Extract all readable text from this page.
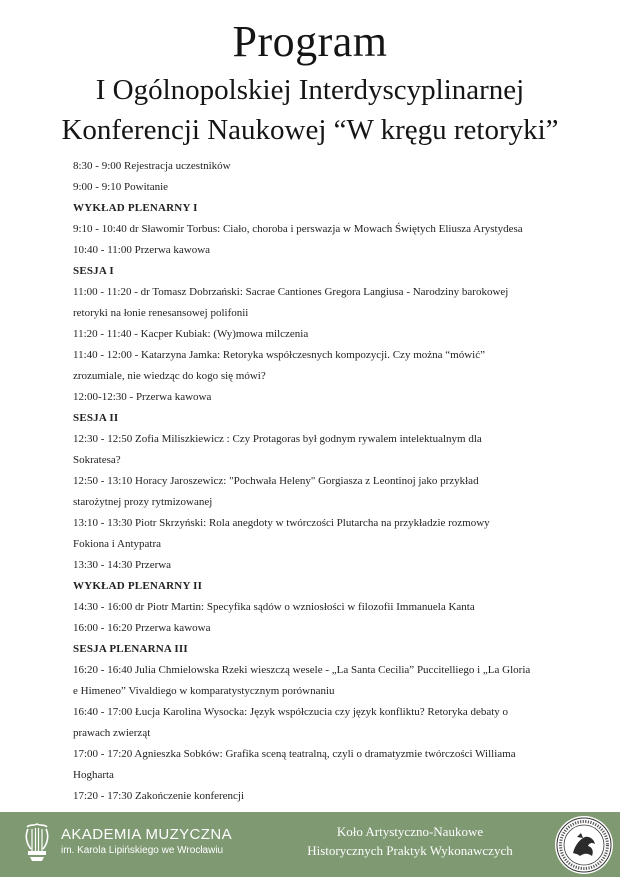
Program
I Ogólnopolskiej Interdyscyplinarnej
Konferencji Naukowej “W kręgu retoryki”
8:30 - 9:00 Rejestracja uczestników
9:00 - 9:10 Powitanie
WYKŁAD PLENARNY I
9:10 - 10:40 dr Sławomir Torbus: Ciało, choroba i perswazja w Mowach Świętych Eliusza Arystydesa
10:40 - 11:00 Przerwa kawowa
SESJA I
11:00 - 11:20 - dr Tomasz Dobrzański: Sacrae Cantiones Gregora Langiusa - Narodziny barokowej
retoryki na łonie renesansowej polifonii
11:20 - 11:40 - Kacper Kubiak: (Wy)mowa milczenia
11:40 - 12:00 - Katarzyna Jamka: Retoryka współczesnych kompozycji. Czy można “mówić”
zrozumiale, nie wiedząc do kogo się mówi?
12:00-12:30 - Przerwa kawowa
SESJA II
12:30 - 12:50 Zofia Miliszkiewicz : Czy Protagoras był godnym rywalem intelektualnym dla
Sokratesa?
12:50 - 13:10 Horacy Jaroszewicz: "Pochwała Heleny" Gorgiasza z Leontinoj jako przykład
starożytnej prozy rytmizowanej
13:10 - 13:30 Piotr Skrzyński: Rola anegdoty w twórczości Plutarcha na przykładzie rozmowy
Fokiona i Antypatra
13:30 - 14:30 Przerwa
WYKŁAD PLENARNY II
14:30 - 16:00 dr Piotr Martin: Specyfika sądów o wzniosłości w filozofii Immanuela Kanta
16:00 - 16:20 Przerwa kawowa
SESJA PLENARNA III
16:20 - 16:40 Julia Chmielowska Rzeki wieszczą wesele - „La Santa Cecilia” Puccitelliego i „La Gloria
e Himeneo” Vivaldiego w komparatystycznym porównaniu
16:40 - 17:00 Łucja Karolina Wysocka: Język współczucia czy język konfliktu? Retoryka debaty o
prawach zwierząt
17:00 - 17:20 Agnieszka Sobków: Grafika sceną teatralną, czyli o dramatyzmie twórczości Williama
Hogharta
17:20 - 17:30 Zakończenie konferencji
AKADEMIA MUZYCZNA
im. Karola Lipińskiego we Wrocławiu
Koło Artystyczno-Naukowe
Historycznych Praktyk Wykonawczych
